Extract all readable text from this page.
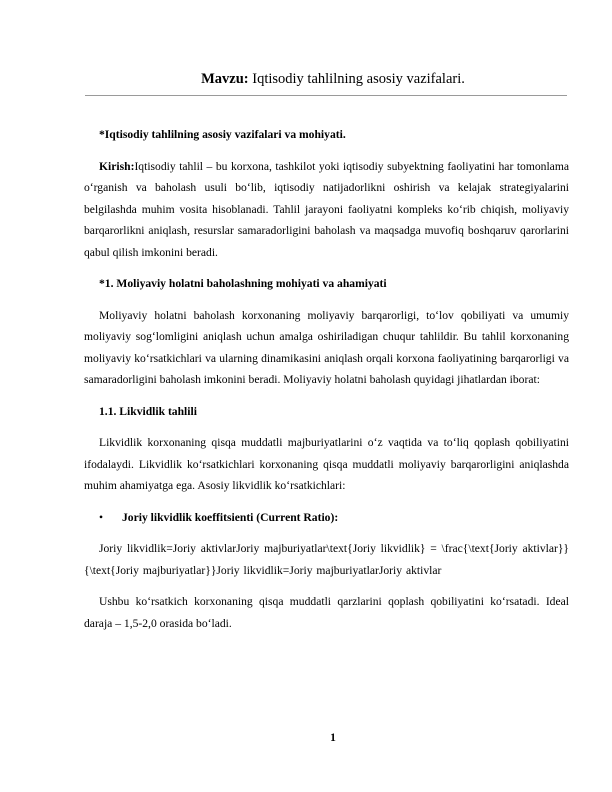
Mavzu: Iqtisodiy tahlilning asosiy vazifalari.
*Iqtisodiy tahlilning asosiy vazifalari va mohiyati.
Kirish:Iqtisodiy tahlil – bu korxona, tashkilot yoki iqtisodiy subyektning faoliyatini har tomonlama o‘rganish va baholash usuli bo‘lib, iqtisodiy natijadorlikni oshirish va kelajak strategiyalarini belgilashda muhim vosita hisoblanadi. Tahlil jarayoni faoliyatni kompleks ko‘rib chiqish, moliyaviy barqarorlikni aniqlash, resurslar samaradorligini baholash va maqsadga muvofiq boshqaruv qarorlarini qabul qilish imkonini beradi.
*1. Moliyaviy holatni baholashning mohiyati va ahamiyati
Moliyaviy holatni baholash korxonaning moliyaviy barqarorligi, to‘lov qobiliyati va umumiy moliyaviy sog‘lomligini aniqlash uchun amalga oshiriladigan chuqur tahlildir. Bu tahlil korxonaning moliyaviy ko‘rsatkichlari va ularning dinamikasini aniqlash orqali korxona faoliyatining barqarorligi va samaradorligini baholash imkonini beradi. Moliyaviy holatni baholash quyidagi jihatlardan iborat:
1.1. Likvidlik tahlili
Likvidlik korxonaning qisqa muddatli majburiyatlarini o‘z vaqtida va to‘liq qoplash qobiliyatini ifodalaydi. Likvidlik ko‘rsatkichlari korxonaning qisqa muddatli moliyaviy barqarorligini aniqlashda muhim ahamiyatga ega. Asosiy likvidlik ko‘rsatkichlari:
• Joriy likvidlik koeffitsienti (Current Ratio):
Joriy likvidlik=Joriy aktivlarJoriy majburiyatlar\text{Joriy likvidlik} = \frac{\text{Joriy aktivlar}}{\text{Joriy majburiyatlar}}Joriy likvidlik=Joriy majburiyatlarJoriy aktivlar
Ushbu ko‘rsatkich korxonaning qisqa muddatli qarzlarini qoplash qobiliyatini ko‘rsatadi. Ideal daraja – 1,5-2,0 orasida bo‘ladi.
1
